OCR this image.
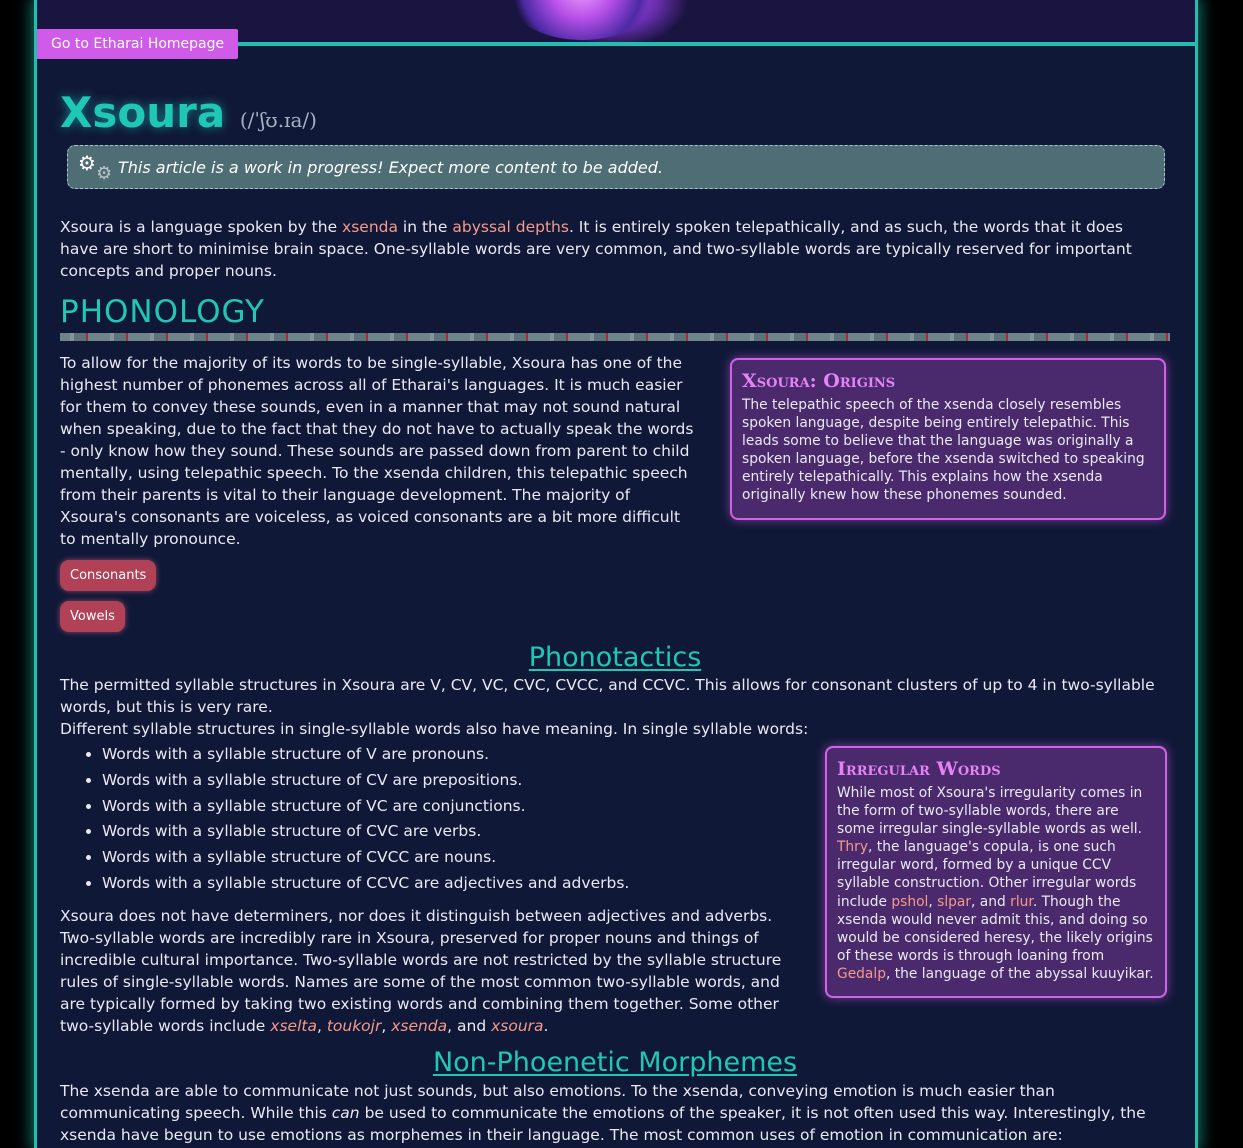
Go to Etharai Homepage
Xsoura (/ˈʃʊ.ɪa/)
⚙ ⚙ This article is a work in progress! Expect more content to be added.

Xsoura is a language spoken by the xsenda in the abyssal depths. It is entirely spoken telepathically, and as such, the words that it does have are short to minimise brain space. One-syllable words are very common, and two-syllable words are typically reserved for important concepts and proper nouns.

PHONOLOGY

To allow for the majority of its words to be single-syllable, Xsoura has one of the highest number of phonemes across all of Etharai's languages. It is much easier for them to convey these sounds, even in a manner that may not sound natural when speaking, due to the fact that they do not have to actually speak the words - only know how they sound. These sounds are passed down from parent to child mentally, using telepathic speech. To the xsenda children, this telepathic speech from their parents is vital to their language development. The majority of Xsoura's consonants are voiceless, as voiced consonants are a bit more difficult to mentally pronounce.

Xsoura: Origins

The telepathic speech of the xsenda closely resembles spoken language, despite being entirely telepathic. This leads some to believe that the language was originally a spoken language, before the xsenda switched to speaking entirely telepathically. This explains how the xsenda originally knew how these phonemes sounded.

Consonants
Vowels
Phonotactics

The permitted syllable structures in Xsoura are V, CV, VC, CVC, CVCC, and CCVC. This allows for consonant clusters of up to 4 in two-syllable words, but this is very rare.

Different syllable structures in single-syllable words also have meaning. In single syllable words:

• Words with a syllable structure of V are pronouns.
• Words with a syllable structure of CV are prepositions.
• Words with a syllable structure of VC are conjunctions.
• Words with a syllable structure of CVC are verbs.
• Words with a syllable structure of CVCC are nouns.
• Words with a syllable structure of CCVC are adjectives and adverbs.

Xsoura does not have determiners, nor does it distinguish between adjectives and adverbs. Two-syllable words are incredibly rare in Xsoura, preserved for proper nouns and things of incredible cultural importance. Two-syllable words are not restricted by the syllable structure rules of single-syllable words. Names are some of the most common two-syllable words, and are typically formed by taking two existing words and combining them together. Some other two-syllable words include xselta, toukojr, xsenda, and xsoura.

Irregular Words

While most of Xsoura's irregularity comes in the form of two-syllable words, there are some irregular single-syllable words as well. Thry, the language's copula, is one such irregular word, formed by a unique CCV syllable construction. Other irregular words include pshol, slpar, and rlur. Though the xsenda would never admit this, and doing so would be considered heresy, the likely origins of these words is through loaning from Gedalp, the language of the abyssal kuuyikar.

Non-Phoenetic Morphemes

The xsenda are able to communicate not just sounds, but also emotions. To the xsenda, conveying emotion is much easier than communicating speech. While this can be used to communicate the emotions of the speaker, it is not often used this way. Interestingly, the xsenda have begun to use emotions as morphemes in their language. The most common uses of emotion in communication are:
